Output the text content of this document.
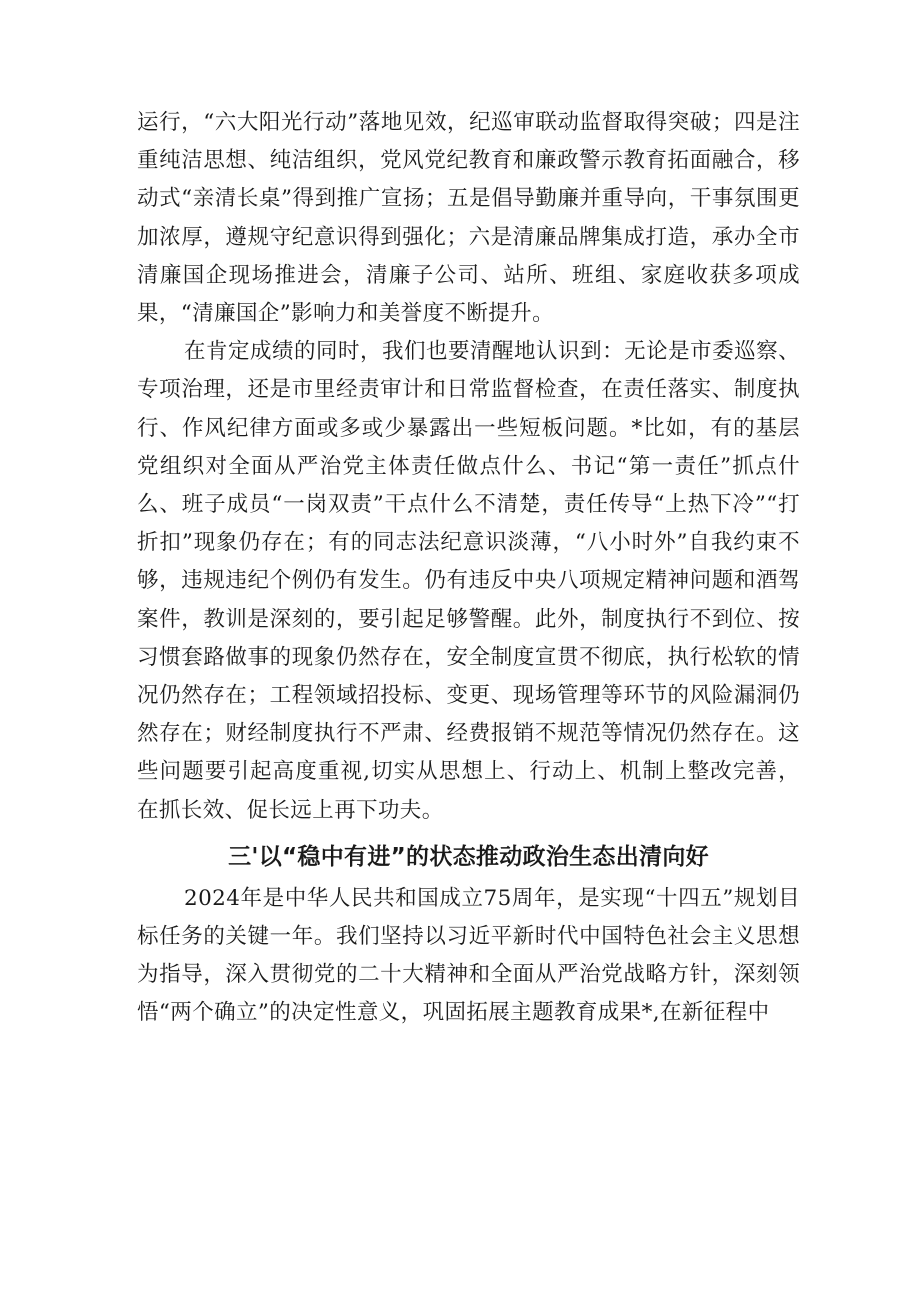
运行，“六大阳光行动”落地见效，纪巡审联动监督取得突破；四是注重纯洁思想、纯洁组织，党风党纪教育和廉政警示教育拓面融合，移动式“亲清长桌”得到推广宣扬；五是倡导勤廉并重导向，干事氛围更加浓厚，遵规守纪意识得到强化；六是清廉品牌集成打造，承办全市清廉国企现场推进会，清廉子公司、站所、班组、家庭收获多项成果，“清廉国企”影响力和美誉度不断提升。

在肯定成绩的同时，我们也要清醒地认识到：无论是市委巡察、专项治理，还是市里经责审计和日常监督检查，在责任落实、制度执行、作风纪律方面或多或少暴露出一些短板问题。*比如，有的基层党组织对全面从严治党主体责任做点什么、书记“第一责任”抓点什么、班子成员“一岗双责”干点什么不清楚，责任传导“上热下冷”“打折扣”现象仍存在；有的同志法纪意识淡薄，“八小时外”自我约束不够，违规违纪个例仍有发生。仍有违反中央八项规定精神问题和酒驾案件，教训是深刻的，要引起足够警醒。此外，制度执行不到位、按习惯套路做事的现象仍然存在，安全制度宣贯不彻底，执行松软的情况仍然存在；工程领域招投标、变更、现场管理等环节的风险漏洞仍然存在；财经制度执行不严肃、经费报销不规范等情况仍然存在。这些问题要引起高度重视,切实从思想上、行动上、机制上整改完善，在抓长效、促长远上再下功夫。

三'以“稳中有进”的状态推动政治生态出清向好

2024年是中华人民共和国成立75周年，是实现“十四五”规划目标任务的关键一年。我们坚持以习近平新时代中国特色社会主义思想为指导，深入贯彻党的二十大精神和全面从严治党战略方针，深刻领悟“两个确立”的决定性意义，巩固拓展主题教育成果*,在新征程中
